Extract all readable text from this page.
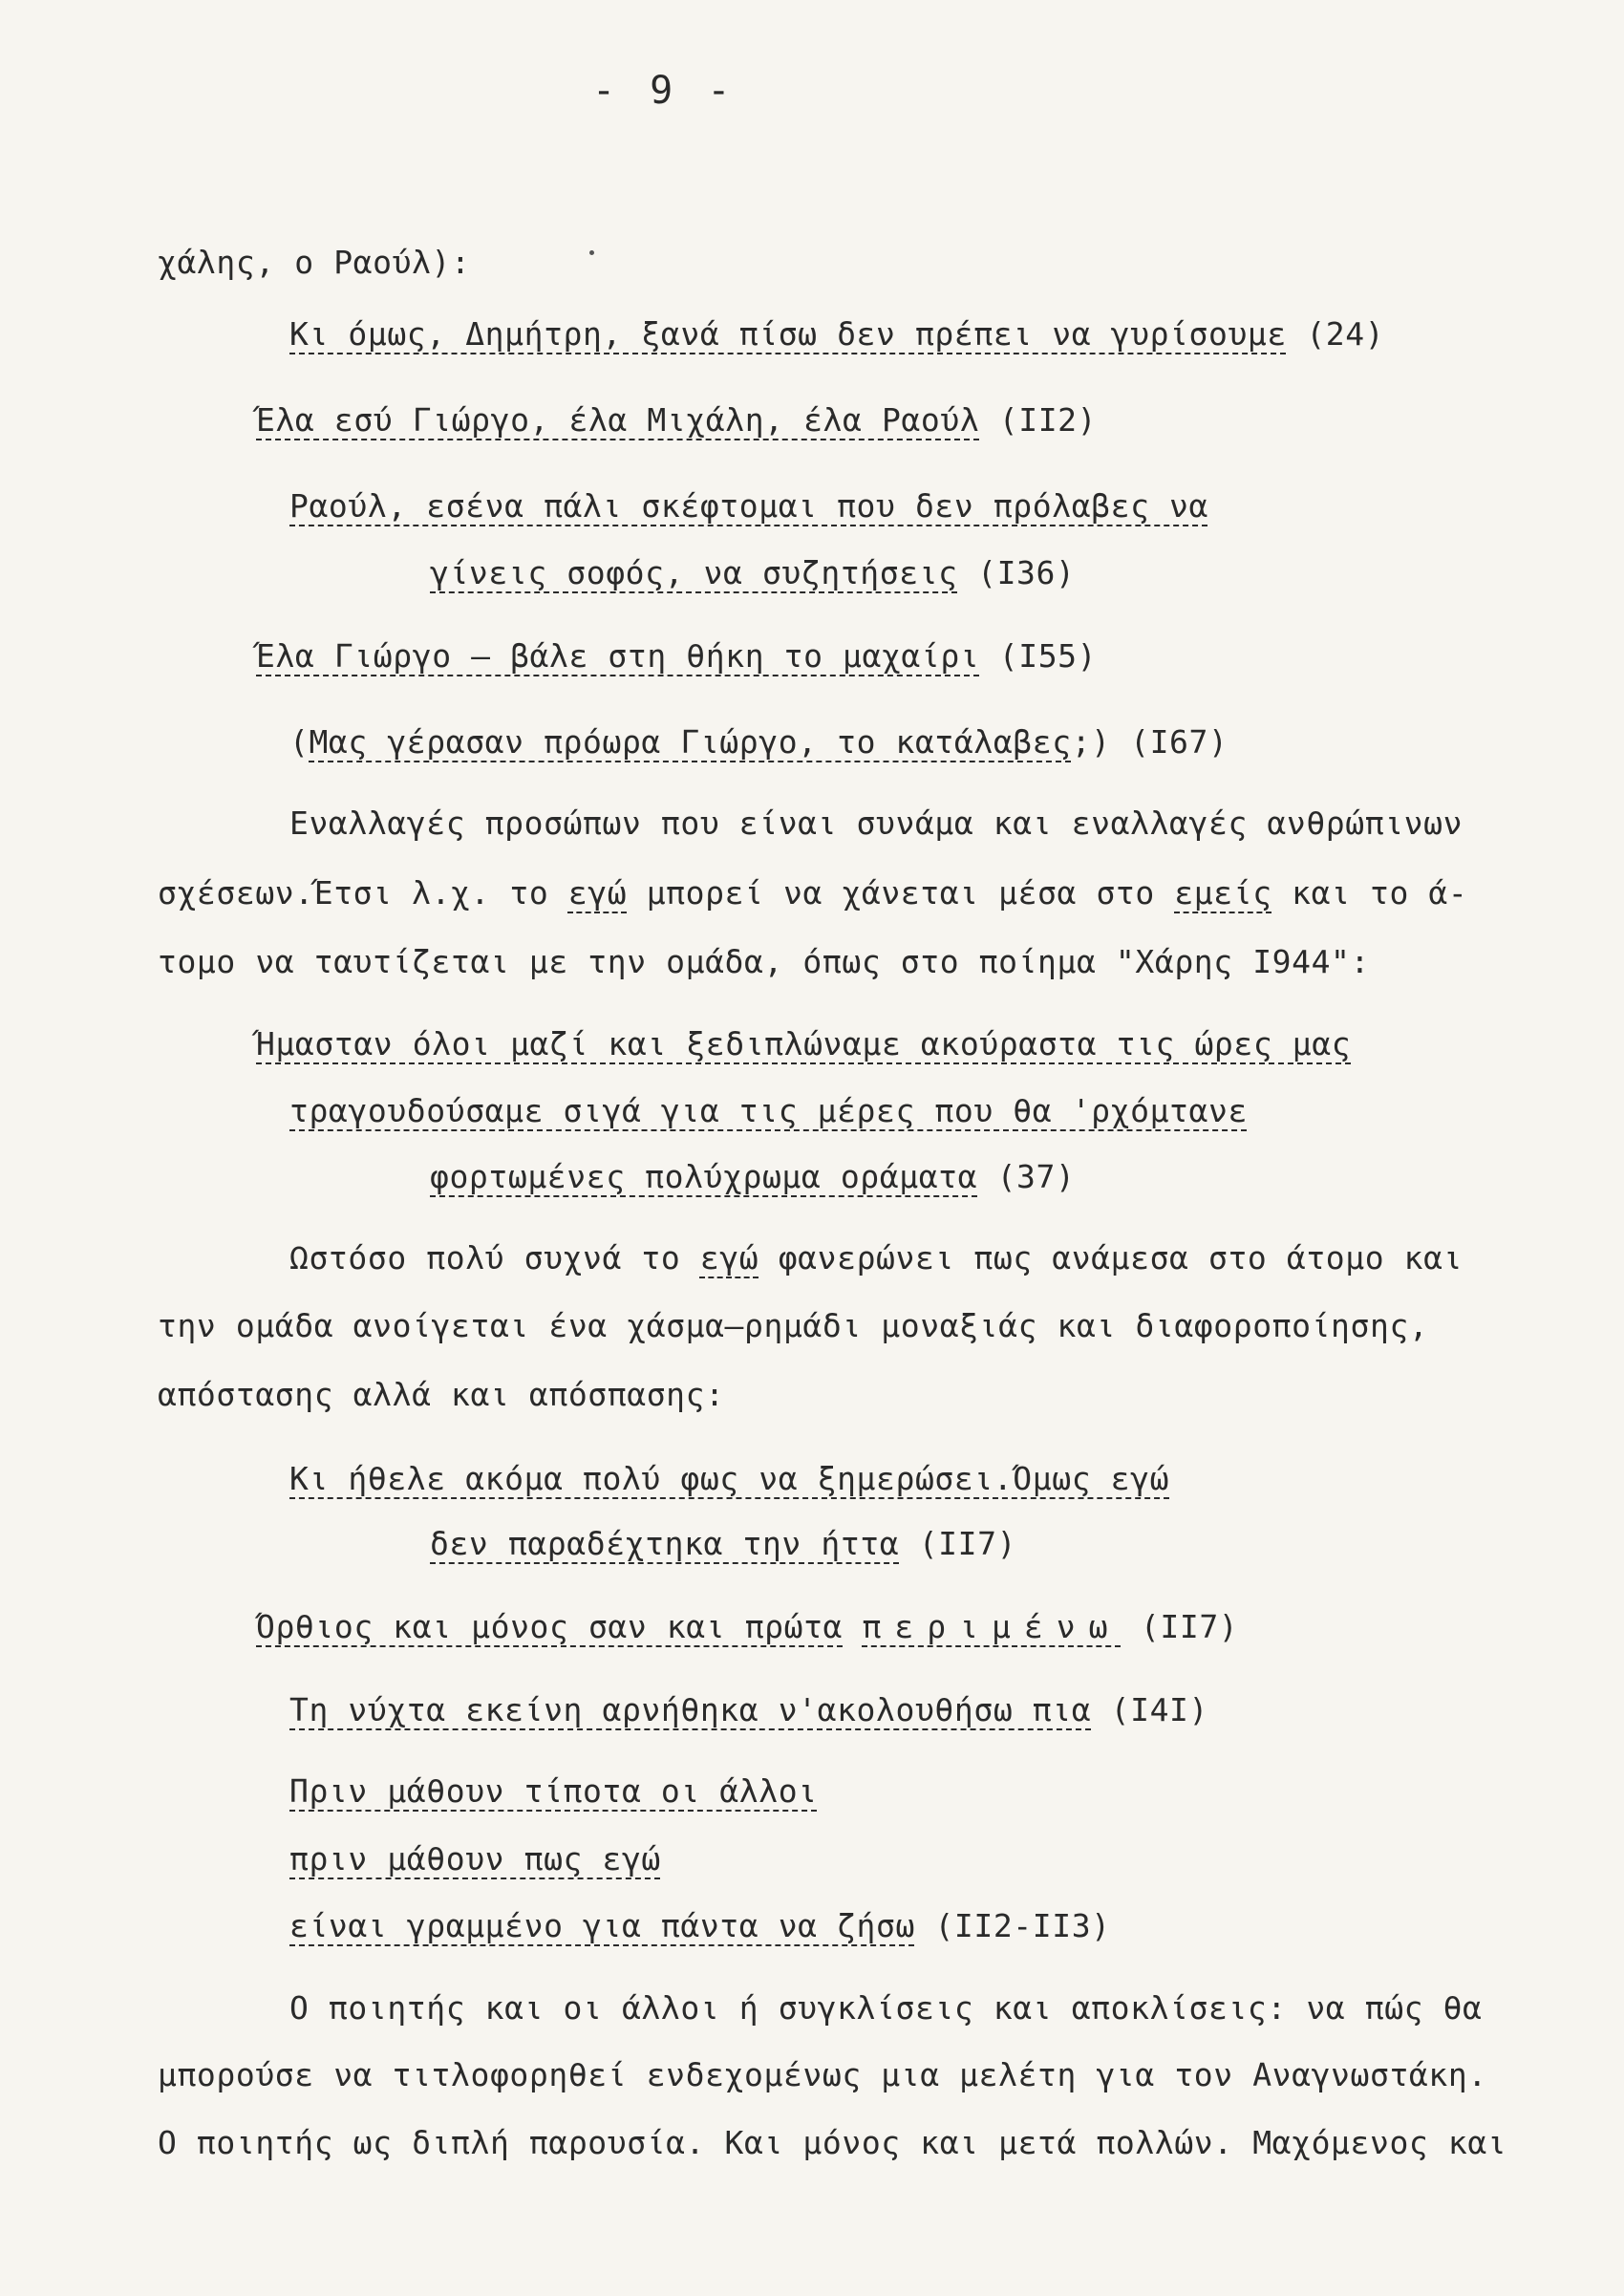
- 9 -
χάλης, ο Ραούλ):
Κι όμως, Δημήτρη, ξανά πίσω δεν πρέπει να γυρίσουμε (24)
Έλα εσύ Γιώργο, έλα Μιχάλη, έλα Ραούλ (II2)
Ραούλ, εσένα πάλι σκέφτομαι που δεν πρόλαβες να
γίνεις σοφός, να συζητήσεις (I36)
Έλα Γιώργο — βάλε στη θήκη το μαχαίρι (I55)
(Μας γέρασαν πρόωρα Γιώργο, το κατάλαβες;) (I67)
Εναλλαγές προσώπων που είναι συνάμα και εναλλαγές ανθρώπινων
σχέσεων.Έτσι λ.χ. το εγώ μπορεί να χάνεται μέσα στο εμείς και το ά-
τομο να ταυτίζεται με την ομάδα, όπως στο ποίημα "Χάρης I944":
Ήμασταν όλοι μαζί και ξεδιπλώναμε ακούραστα τις ώρες μας
τραγουδούσαμε σιγά για τις μέρες που θα 'ρχόμτανε
φορτωμένες πολύχρωμα οράματα (37)
Ωστόσο πολύ συχνά το εγώ φανερώνει πως ανάμεσα στο άτομο και
την ομάδα ανοίγεται ένα χάσμα—ρημάδι μοναξιάς και διαφοροποίησης,
απόστασης αλλά και απόσπασης:
Κι ήθελε ακόμα πολύ φως να ξημερώσει.Όμως εγώ
δεν παραδέχτηκα την ήττα (II7)
Όρθιος και μόνος σαν και πρώτα περιμένω (II7)
Τη νύχτα εκείνη αρνήθηκα ν'ακολουθήσω πια (I4I)
Πριν μάθουν τίποτα οι άλλοι
πριν μάθουν πως εγώ
είναι γραμμένο για πάντα να ζήσω (II2-II3)
Ο ποιητής και οι άλλοι ή συγκλίσεις και αποκλίσεις: να πώς θα
μπορούσε να τιτλοφορηθεί ενδεχομένως μια μελέτη για τον Αναγνωστάκη.
Ο ποιητής ως διπλή παρουσία. Και μόνος και μετά πολλών. Μαχόμενος και
